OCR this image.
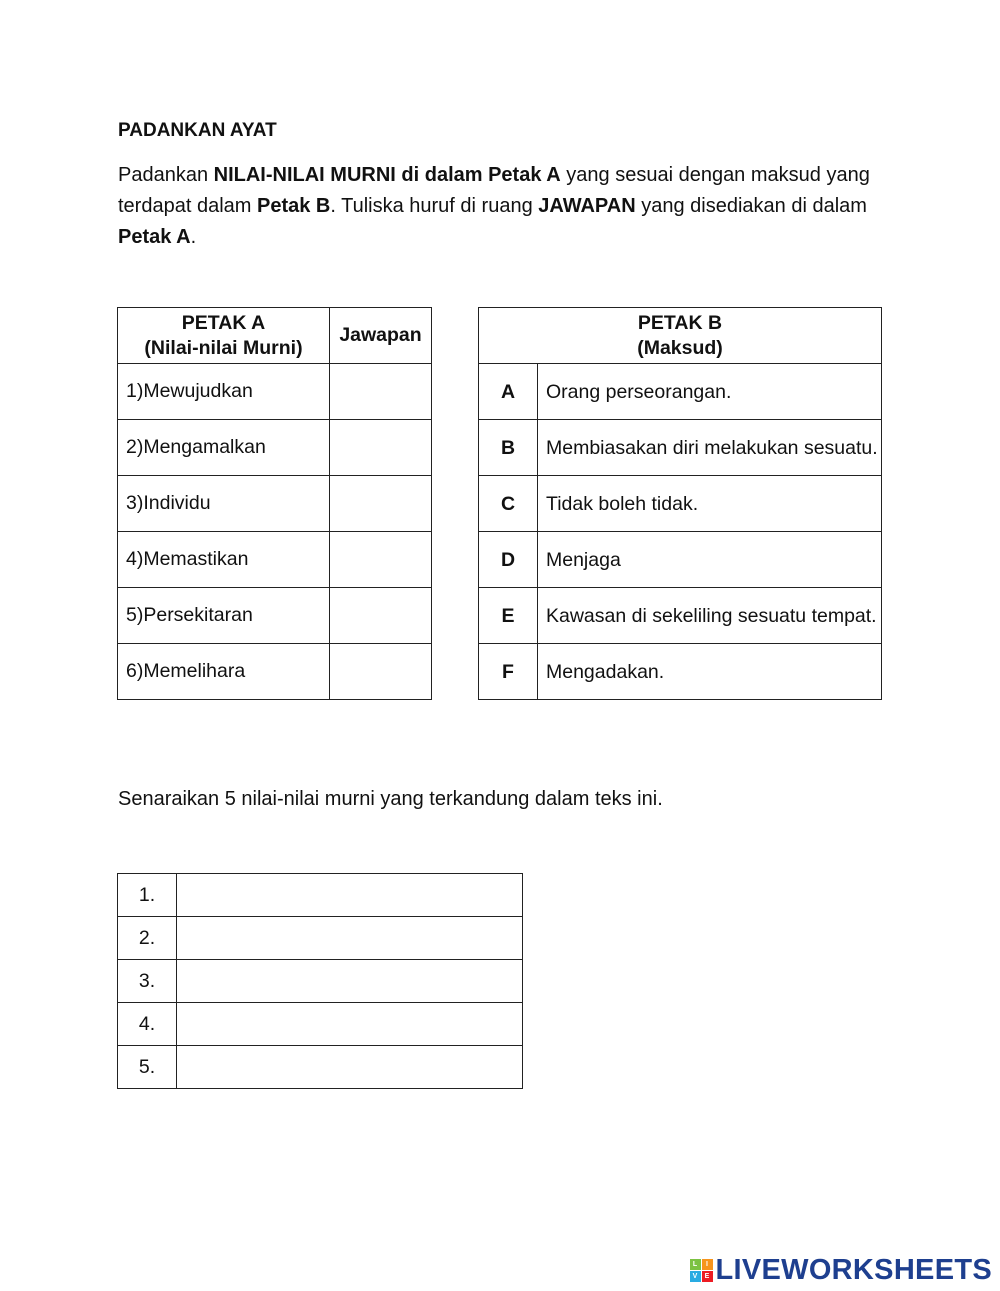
PADANKAN AYAT
Padankan NILAI-NILAI MURNI di dalam Petak A yang sesuai dengan maksud yang terdapat dalam Petak B. Tuliska huruf di ruang JAWAPAN yang disediakan di dalam Petak A.
PETAK A
(Nilai-nilai Murni)	Jawapan
1)Mewujudkan	
2)Mengamalkan	
3)Individu	
4)Memastikan	
5)Persekitaran	
6)Memelihara	
PETAK B
(Maksud)	

A	Orang perseorangan.
B	Membiasakan diri melakukan sesuatu.
C	Tidak boleh tidak.
D	Menjaga
E	Kawasan di sekeliling sesuatu tempat.
F	Mengadakan.
Senaraikan 5 nilai-nilai murni yang terkandung dalam teks ini.
1.	
2.	
3.	
4.	
5.	
L	I
V	E LIVEWORKSHEETS
